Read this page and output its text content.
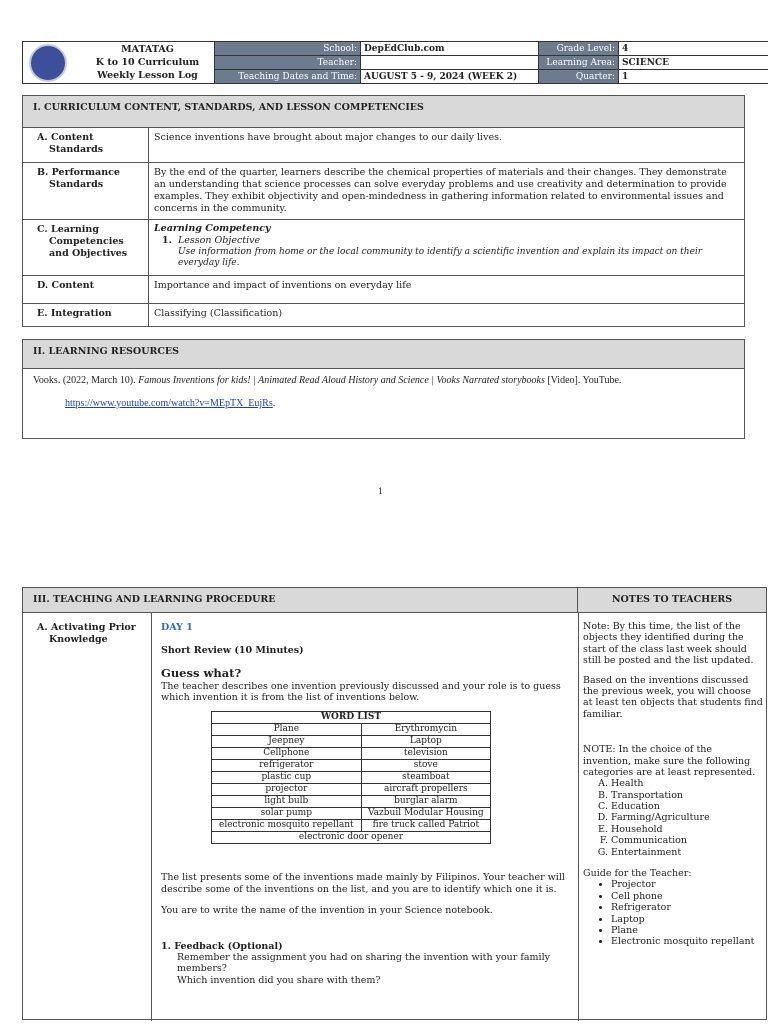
MATATAG
K to 10 Curriculum
Weekly Lesson Log	School:	DepEdClub.com	Grade Level:	4
	Teacher:		Learning Area:	SCIENCE
	Teaching Dates and Time:	AUGUST 5 - 9, 2024 (WEEK 2)	Quarter:	1
I. CURRICULUM CONTENT, STANDARDS, AND LESSON COMPETENCIES	
A. Content Standards	Science inventions have brought about major changes to our daily lives.
B. Performance Standards	By the end of the quarter, learners describe the chemical properties of materials and their changes. They demonstrate an understanding that science processes can solve everyday problems and use creativity and determination to provide examples. They exhibit objectivity and open-mindedness in gathering information related to environmental issues and concerns in the community.
C. Learning Competencies and Objectives	Learning Competency
1. Lesson Objective
Use information from home or the local community to identify a scientific invention and explain its impact on their everyday life.

D. Content	Importance and impact of inventions on everyday life
E. Integration	Classifying (Classification)
II. LEARNING RESOURCES
Vooks. (2022, March 10). Famous Inventions for kids! | Animated Read Aloud History and Science | Vooks Narrated storybooks [Video]. YouTube.
https://www.youtube.com/watch?v=MEpTX_EujRs.
1
III. TEACHING AND LEARNING PROCEDURE	NOTES TO TEACHERS
A. Activating Prior Knowledge
DAY 1
Short Review (10 Minutes)
Guess what?
The teacher describes one invention previously discussed and your role is to guess which invention it is from the list of inventions below.
WORD LIST	
Plane	Erythromycin
Jeepney	Laptop
Cellphone	television
refrigerator	stove
plastic cup	steamboat
projector	aircraft propellers
light bulb	burglar alarm
solar pump	Vazbuil Modular Housing
electronic mosquito repellant	fire truck called Patriot
electronic door opener	
The list presents some of the inventions made mainly by Filipinos. Your teacher will describe some of the inventions on the list, and you are to identify which one it is.
You are to write the name of the invention in your Science notebook.
1. Feedback (Optional)
Remember the assignment you had on sharing the invention with your family members?
Which invention did you share with them?

Note: By this time, the list of the objects they identified during the start of the class last week should still be posted and the list updated.

Based on the inventions discussed the previous week, you will choose at least ten objects that students find familiar.

NOTE: In the choice of the invention, make sure the following categories are at least represented.
A. Health
B. Transportation
C. Education
D. Farming/Agriculture
E. Household
F. Communication
G. Entertainment
Guide for the Teacher:
• Projector
• Cell phone
• Refrigerator
• Laptop
• Plane
• Electronic mosquito repellant
